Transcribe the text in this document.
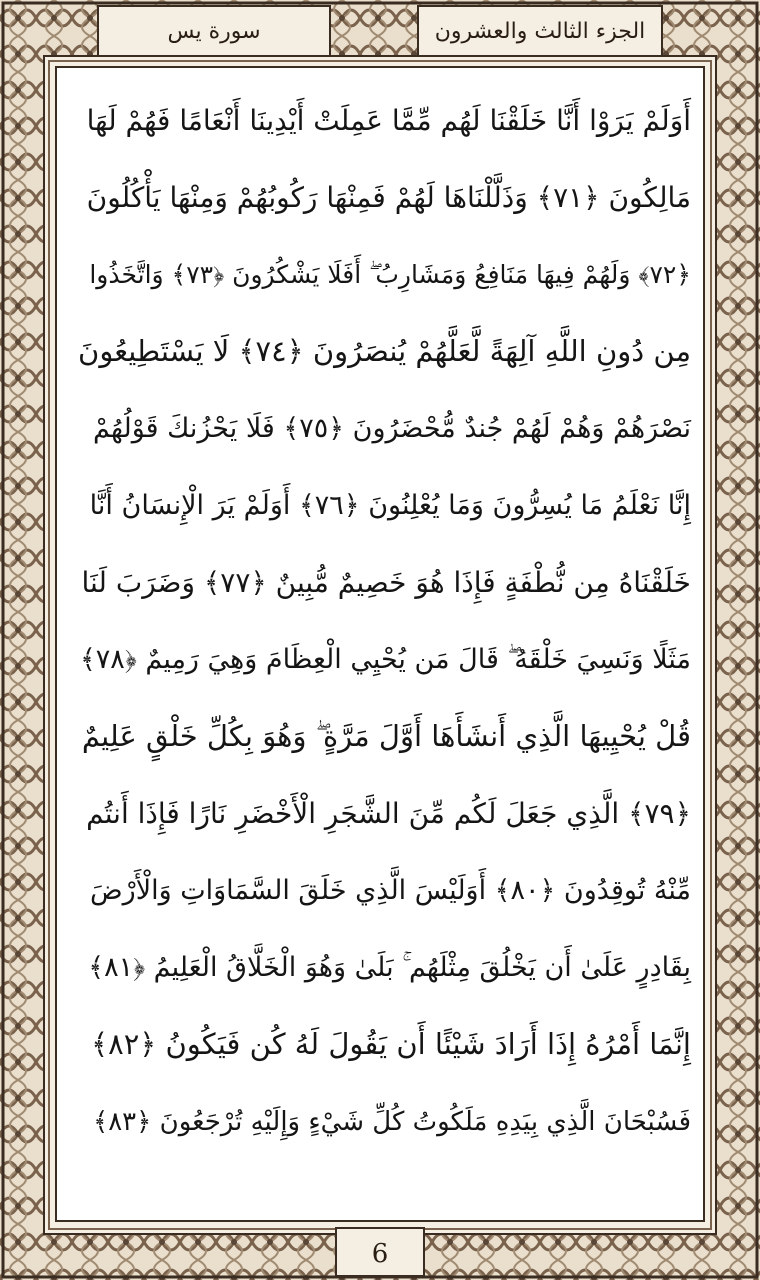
سورة يس	الجزء الثالث والعشرون
أَوَلَمْ يَرَوْا أَنَّا خَلَقْنَا لَهُم مِّمَّا عَمِلَتْ أَيْدِينَا أَنْعَامًا فَهُمْ لَهَا
مَالِكُونَ ﴿٧١﴾ وَذَلَّلْنَاهَا لَهُمْ فَمِنْهَا رَكُوبُهُمْ وَمِنْهَا يَأْكُلُونَ
﴿٧٢﴾ وَلَهُمْ فِيهَا مَنَافِعُ وَمَشَارِبُ ۖ أَفَلَا يَشْكُرُونَ ﴿٧٣﴾ وَاتَّخَذُوا
مِن دُونِ اللَّهِ آلِهَةً لَّعَلَّهُمْ يُنصَرُونَ ﴿٧٤﴾ لَا يَسْتَطِيعُونَ
نَصْرَهُمْ وَهُمْ لَهُمْ جُندٌ مُّحْضَرُونَ ﴿٧٥﴾ فَلَا يَحْزُنكَ قَوْلُهُمْ
إِنَّا نَعْلَمُ مَا يُسِرُّونَ وَمَا يُعْلِنُونَ ﴿٧٦﴾ أَوَلَمْ يَرَ الْإِنسَانُ أَنَّا
خَلَقْنَاهُ مِن نُّطْفَةٍ فَإِذَا هُوَ خَصِيمٌ مُّبِينٌ ﴿٧٧﴾ وَضَرَبَ لَنَا
مَثَلًا وَنَسِيَ خَلْقَهُ ۖ قَالَ مَن يُحْيِي الْعِظَامَ وَهِيَ رَمِيمٌ ﴿٧٨﴾
قُلْ يُحْيِيهَا الَّذِي أَنشَأَهَا أَوَّلَ مَرَّةٍ ۖ وَهُوَ بِكُلِّ خَلْقٍ عَلِيمٌ
﴿٧٩﴾ الَّذِي جَعَلَ لَكُم مِّنَ الشَّجَرِ الْأَخْضَرِ نَارًا فَإِذَا أَنتُم
مِّنْهُ تُوقِدُونَ ﴿٨٠﴾ أَوَلَيْسَ الَّذِي خَلَقَ السَّمَاوَاتِ وَالْأَرْضَ
بِقَادِرٍ عَلَىٰ أَن يَخْلُقَ مِثْلَهُم ۚ بَلَىٰ وَهُوَ الْخَلَّاقُ الْعَلِيمُ ﴿٨١﴾
إِنَّمَا أَمْرُهُ إِذَا أَرَادَ شَيْئًا أَن يَقُولَ لَهُ كُن فَيَكُونُ ﴿٨٢﴾
فَسُبْحَانَ الَّذِي بِيَدِهِ مَلَكُوتُ كُلِّ شَيْءٍ وَإِلَيْهِ تُرْجَعُونَ ﴿٨٣﴾
6
